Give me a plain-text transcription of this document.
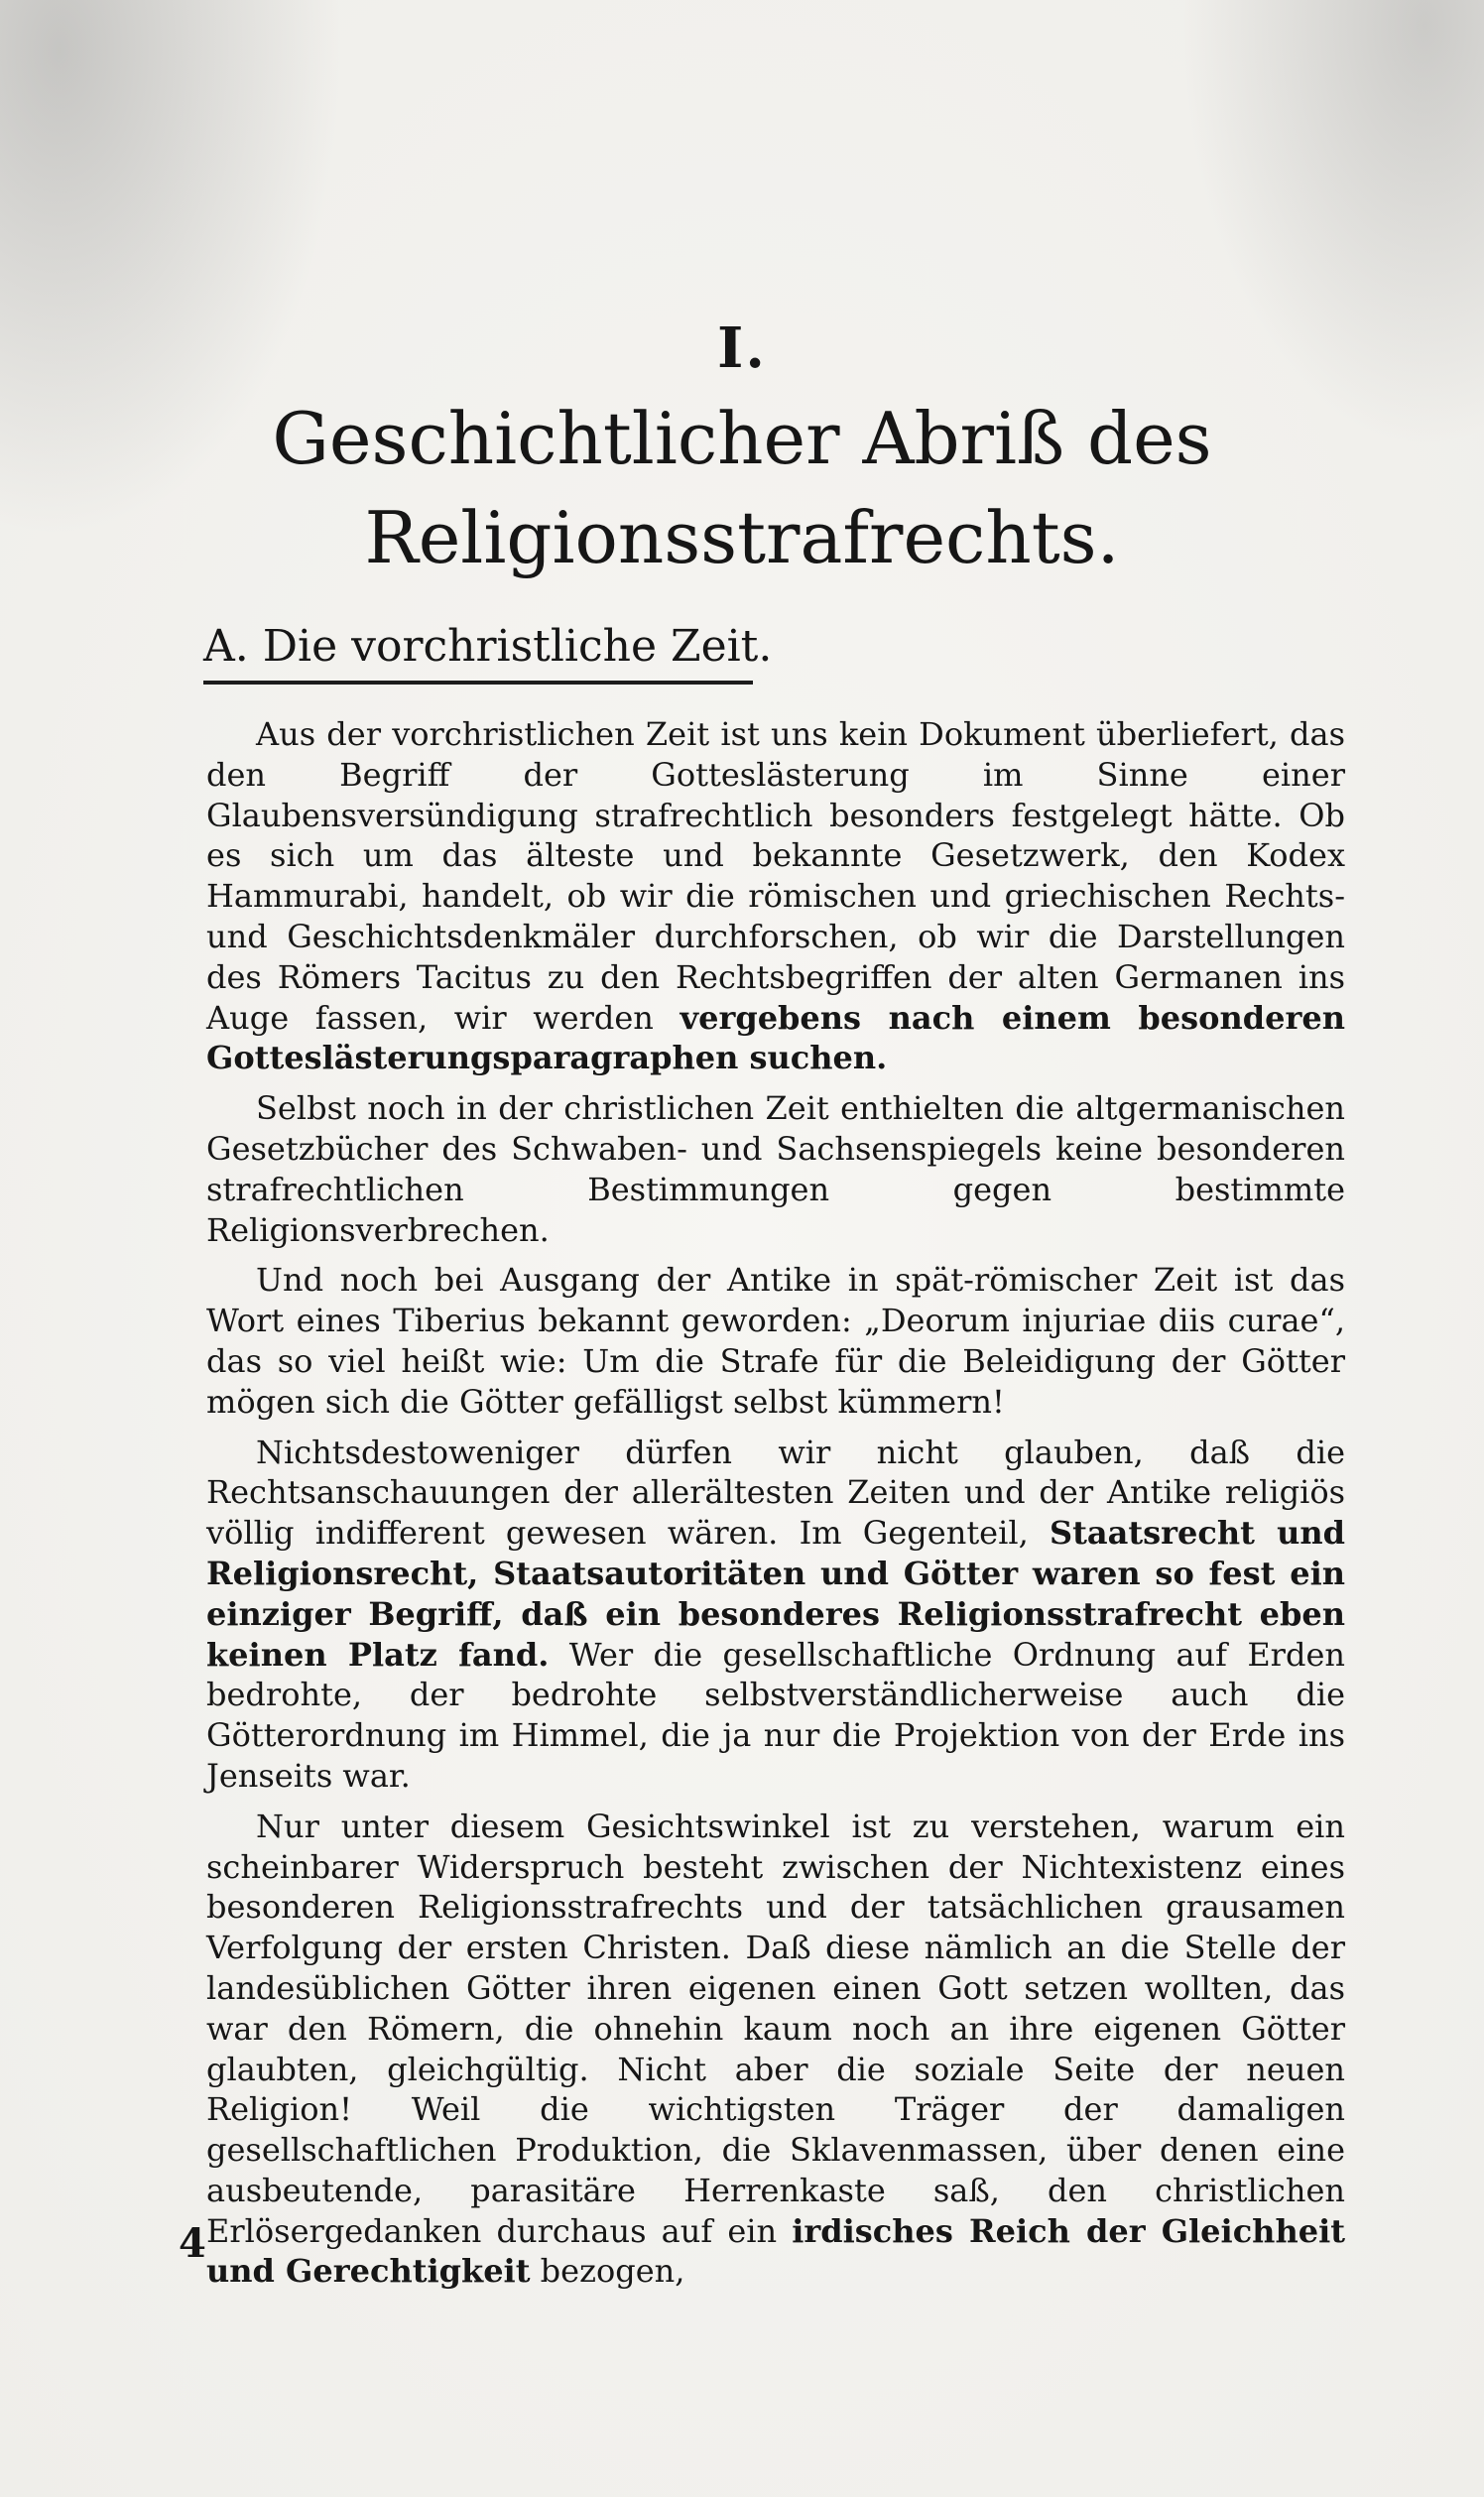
I.
Geschichtlicher Abriß des
Religionsstrafrechts.
A. Die vorchristliche Zeit.

Aus der vorchristlichen Zeit ist uns kein Dokument überliefert, das den Begriff der Gotteslästerung im Sinne einer Glaubensversündigung strafrechtlich besonders festgelegt hätte. Ob es sich um das älteste und bekannte Gesetzwerk, den Kodex Hammurabi, handelt, ob wir die römischen und griechischen Rechts- und Geschichtsdenkmäler durchforschen, ob wir die Darstellungen des Römers Tacitus zu den Rechtsbegriffen der alten Germanen ins Auge fassen, wir werden vergebens nach einem besonderen Gotteslästerungsparagraphen suchen.

Selbst noch in der christlichen Zeit enthielten die altgermanischen Gesetzbücher des Schwaben- und Sachsenspiegels keine besonderen strafrechtlichen Bestimmungen gegen bestimmte Religionsverbrechen.

Und noch bei Ausgang der Antike in spät-römischer Zeit ist das Wort eines Tiberius bekannt geworden: „Deorum injuriae diis curae“, das so viel heißt wie: Um die Strafe für die Beleidigung der Götter mögen sich die Götter gefälligst selbst kümmern!

Nichtsdestoweniger dürfen wir nicht glauben, daß die Rechtsanschauungen der allerältesten Zeiten und der Antike religiös völlig indifferent gewesen wären. Im Gegenteil, Staatsrecht und Religionsrecht, Staatsautoritäten und Götter waren so fest ein einziger Begriff, daß ein besonderes Religionsstrafrecht eben keinen Platz fand. Wer die gesellschaftliche Ordnung auf Erden bedrohte, der bedrohte selbstverständlicherweise auch die Götterordnung im Himmel, die ja nur die Projektion von der Erde ins Jenseits war.

Nur unter diesem Gesichtswinkel ist zu verstehen, warum ein scheinbarer Widerspruch besteht zwischen der Nichtexistenz eines besonderen Religionsstrafrechts und der tatsächlichen grausamen Verfolgung der ersten Christen. Daß diese nämlich an die Stelle der landesüblichen Götter ihren eigenen einen Gott setzen wollten, das war den Römern, die ohnehin kaum noch an ihre eigenen Götter glaubten, gleichgültig. Nicht aber die soziale Seite der neuen Religion! Weil die wichtigsten Träger der damaligen gesellschaftlichen Produktion, die Sklavenmassen, über denen eine ausbeutende, parasitäre Herrenkaste saß, den christlichen Erlösergedanken durchaus auf ein irdisches Reich der Gleichheit und Gerechtigkeit bezogen,

4
